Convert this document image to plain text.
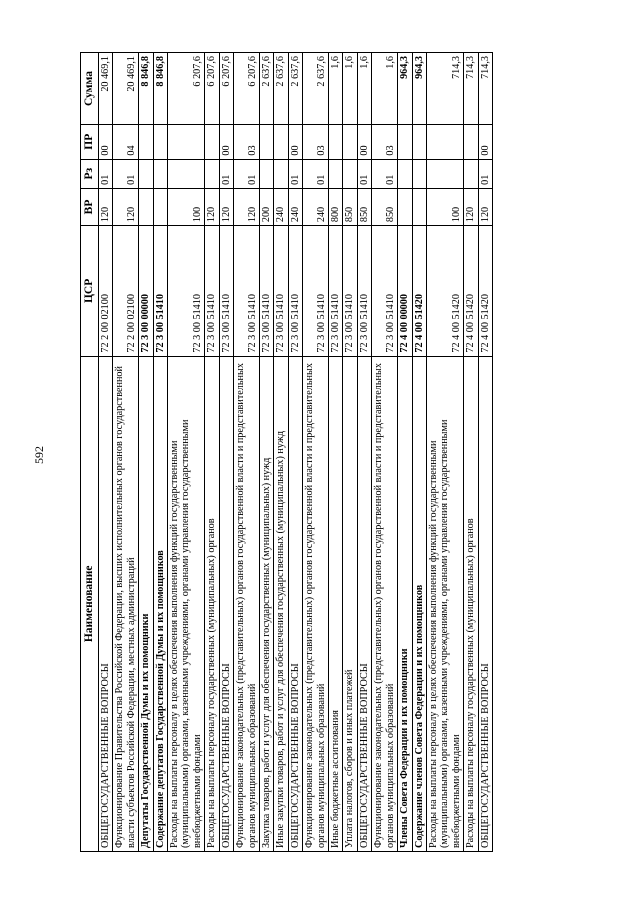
592
Наименование	ЦСР	ВР	Рз	ПР	Сумма
ОБЩЕГОСУДАРСТВЕННЫЕ ВОПРОСЫ	72 2 00 02100	120	01	00	20 469,1
Функционирование Правительства Российской Федерации, высших исполнительных органов государственной власти субъектов Российской Федерации, местных администраций	72 2 00 02100	120	01	04	20 469,1
Депутаты Государственной Думы и их помощники	72 3 00 00000				8 846,8
Содержание депутатов Государственной Думы и их помощников	72 3 00 51410				8 846,8
Расходы на выплаты персоналу в целях обеспечения выполнения функций государственными (муниципальными) органами, казенными учреждениями, органами управления государственными внебюджетными фондами	72 3 00 51410	100			6 207,6
Расходы на выплаты персоналу государственных (муниципальных) органов	72 3 00 51410	120			6 207,6
ОБЩЕГОСУДАРСТВЕННЫЕ ВОПРОСЫ	72 3 00 51410	120	01	00	6 207,6
Функционирование законодательных (представительных) органов государственной власти и представительных органов муниципальных образований	72 3 00 51410	120	01	03	6 207,6
Закупка товаров, работ и услуг для обеспечения государственных (муниципальных) нужд	72 3 00 51410	200			2 637,6
Иные закупки товаров, работ и услуг для обеспечения государственных (муниципальных) нужд	72 3 00 51410	240			2 637,6
ОБЩЕГОСУДАРСТВЕННЫЕ ВОПРОСЫ	72 3 00 51410	240	01	00	2 637,6
Функционирование законодательных (представительных) органов государственной власти и представительных органов муниципальных образований	72 3 00 51410	240	01	03	2 637,6
Иные бюджетные ассигнования	72 3 00 51410	800			1,6
Уплата налогов, сборов и иных платежей	72 3 00 51410	850			1,6
ОБЩЕГОСУДАРСТВЕННЫЕ ВОПРОСЫ	72 3 00 51410	850	01	00	1,6
Функционирование законодательных (представительных) органов государственной власти и представительных органов муниципальных образований	72 3 00 51410	850	01	03	1,6
Члены Совета Федерации и их помощники	72 4 00 00000				964,3
Содержание членов Совета Федерации и их помощников	72 4 00 51420				964,3
Расходы на выплаты персоналу в целях обеспечения выполнения функций государственными (муниципальными) органами, казенными учреждениями, органами управления государственными внебюджетными фондами	72 4 00 51420	100			714,3
Расходы на выплаты персоналу государственных (муниципальных) органов	72 4 00 51420	120			714,3
ОБЩЕГОСУДАРСТВЕННЫЕ ВОПРОСЫ	72 4 00 51420	120	01	00	714,3
